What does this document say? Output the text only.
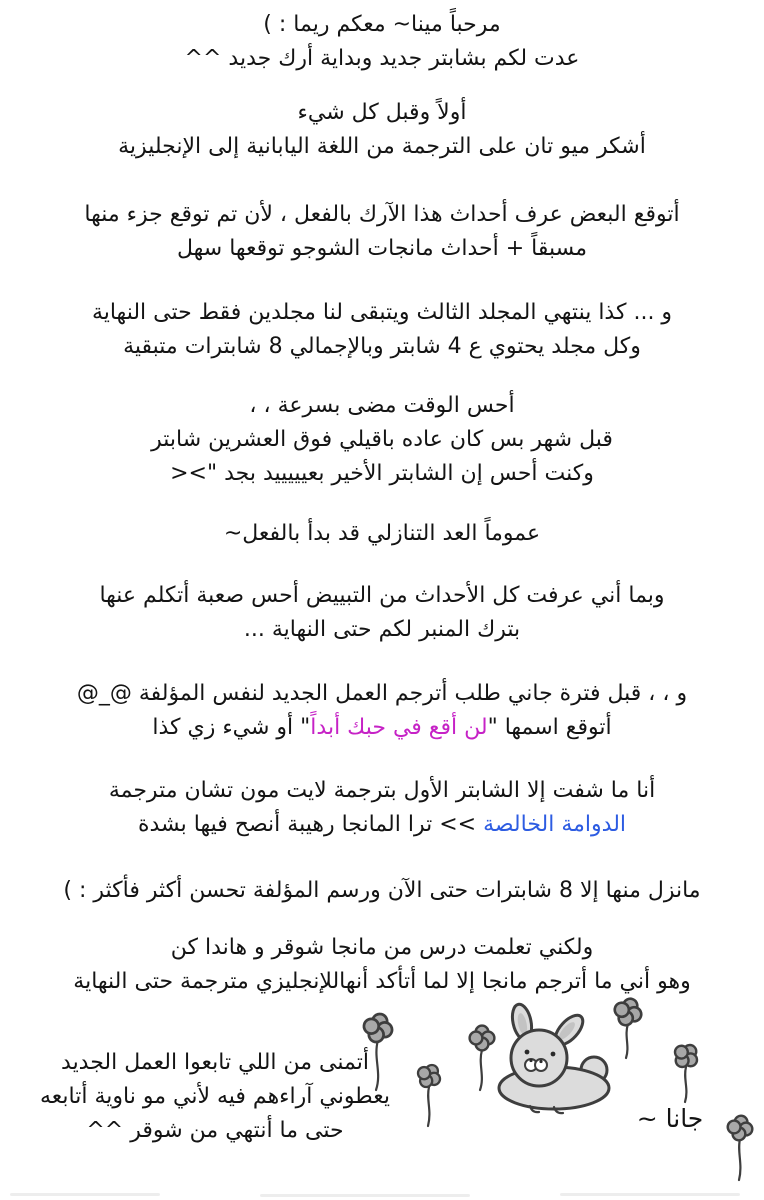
مرحباً مينا~ معكم ريما : )
عدت لكم بشابتر جديد وبداية أرك جديد ^^
أولاً وقبل كل شيء
أشكر ميو تان على الترجمة من اللغة اليابانية إلى الإنجليزية
أتوقع البعض عرف أحداث هذا الآرك بالفعل ، لأن تم توقع جزء منها
مسبقاً + أحداث مانجات الشوجو توقعها سهل
و ... كذا ينتهي المجلد الثالث ويتبقى لنا مجلدين فقط حتى النهاية
وكل مجلد يحتوي ع 4 شابتر وبالإجمالي 8 شابترات متبقية
أحس الوقت مضى بسرعة ، ،
قبل شهر بس كان عاده باقيلي فوق العشرين شابتر
وكنت أحس إن الشابتر الأخير بعيييييد بجد "><
عموماً العد التنازلي قد بدأ بالفعل~
وبما أني عرفت كل الأحداث من التبييض أحس صعبة أتكلم عنها
بترك المنبر لكم حتى النهاية ...
و ، ، قبل فترة جاني طلب أترجم العمل الجديد لنفس المؤلفة @_@
أتوقع اسمها "لن أقع في حبك أبداً" أو شيء زي كذا
أنا ما شفت إلا الشابتر الأول بترجمة لايت مون تشان مترجمة
الدوامة الخالصة >> ترا المانجا رهيبة أنصح فيها بشدة
مانزل منها إلا 8 شابترات حتى الآن ورسم المؤلفة تحسن أكثر فأكثر : )
ولكني تعلمت درس من مانجا شوقر و هاندا كن
وهو أني ما أترجم مانجا إلا لما أتأكد أنهاللإنجليزي مترجمة حتى النهاية
أتمنى من اللي تابعوا العمل الجديد
يعطوني آراءهم فيه لأني مو ناوية أتابعه
حتى ما أنتهي من شوقر ^^	جانا ~
